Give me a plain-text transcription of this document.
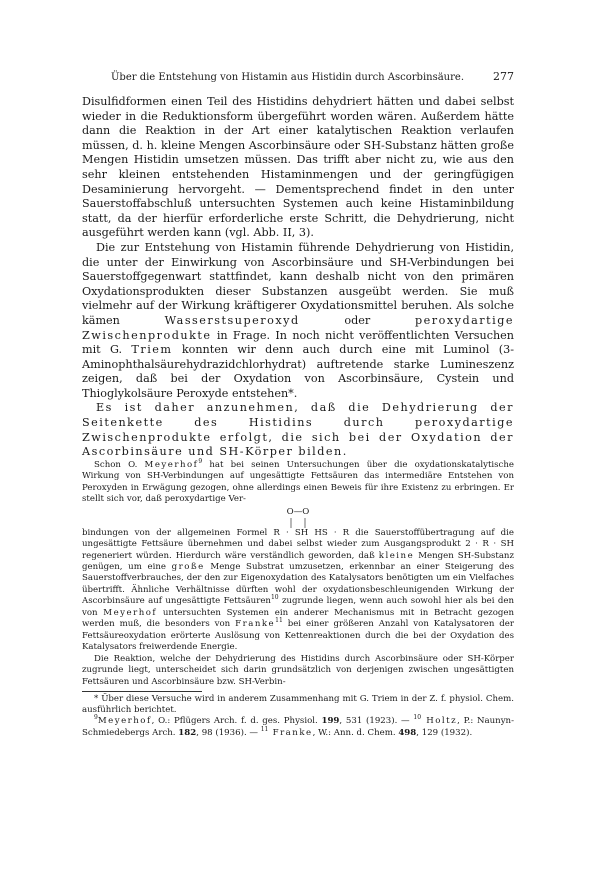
Über die Entstehung von Histamin aus Histidin durch Ascorbinsäure.	277

Disulfidformen einen Teil des Histidins dehydriert hätten und dabei selbst wieder in die Reduktionsform übergeführt worden wären. Außerdem hätte dann die Reaktion in der Art einer katalytischen Reaktion verlaufen müssen, d. h. kleine Mengen Ascorbinsäure oder SH-Substanz hätten große Mengen Histidin umsetzen müssen. Das trifft aber nicht zu, wie aus den sehr kleinen entstehenden Histaminmengen und der geringfügigen Desaminierung hervorgeht. — Dementsprechend findet in den unter Sauerstoffabschluß untersuchten Systemen auch keine Histaminbildung statt, da der hierfür erforderliche erste Schritt, die Dehydrierung, nicht ausgeführt werden kann (vgl. Abb. II, 3).

Die zur Entstehung von Histamin führende Dehydrierung von Histidin, die unter der Einwirkung von Ascorbinsäure und SH-Verbindungen bei Sauerstoffgegenwart stattfindet, kann deshalb nicht von den primären Oxydationsprodukten dieser Substanzen ausgeübt werden. Sie muß vielmehr auf der Wirkung kräftigerer Oxydationsmittel beruhen. Als solche kämen Wasserstsuperoxyd oder peroxydartige Zwischenprodukte in Frage. In noch nicht veröffentlichten Versuchen mit G. Triem konnten wir denn auch durch eine mit Luminol (3-Aminophthalsäurehydrazidchlorhydrat) auftretende starke Lumineszenz zeigen, daß bei der Oxydation von Ascorbinsäure, Cystein und Thioglykolsäure Peroxyde entstehen*.

Es ist daher anzunehmen, daß die Dehydrierung der Seitenkette des Histidins durch peroxydartige Zwischenprodukte erfolgt, die sich bei der Oxydation der Ascorbinsäure und SH-Körper bilden.

Schon O. Meyerhof$^9$ hat bei seinen Untersuchungen über die oxydationskatalytische Wirkung von SH-Verbindungen auf ungesättigte Fettsäuren das intermediäre Entstehen von Peroxyden in Erwägung gezogen, ohne allerdings einen Beweis für ihre Existenz zu erbringen. Er stellt sich vor, daß peroxydartige Ver-

O—O

bindungen von der allgemeinen Formel R · SH HS · R die Sauerstoffübertragung auf die ungesättigte Fettsäure übernehmen und dabei selbst wieder zum Ausgangsprodukt 2 · R · SH regeneriert würden. Hierdurch wäre verständlich geworden, daß kleine Mengen SH-Substanz genügen, um eine große Menge Substrat umzusetzen, erkennbar an einer Steigerung des Sauerstoffverbrauches, der den zur Eigenoxydation des Katalysators benötigten um ein Vielfaches übertrifft. Ähnliche Verhältnisse dürften wohl der oxydationsbeschleunigenden Wirkung der Ascorbinsäure auf ungesättigte Fettsäuren$^{10}$ zugrunde liegen, wenn auch sowohl hier als bei den von Meyerhof untersuchten Systemen ein anderer Mechanismus mit in Betracht gezogen werden muß, die besonders von Franke$^{11}$ bei einer größeren Anzahl von Katalysatoren der Fettsäureoxydation erörterte Auslösung von Kettenreaktionen durch die bei der Oxydation des Katalysators freiwerdende Energie.

Die Reaktion, welche der Dehydrierung des Histidins durch Ascorbinsäure oder SH-Körper zugrunde liegt, unterscheidet sich darin grundsätzlich von derjenigen zwischen ungesättigten Fettsäuren und Ascorbinsäure bzw. SH-Verbin-

* Über diese Versuche wird in anderem Zusammenhang mit G. Triem in der Z. f. physiol. Chem. ausführlich berichtet.

$^9$Meyerhof, O.: Pflügers Arch. f. d. ges. Physiol. 199, 531 (1923). — $^{10}$ Holtz, P.: Naunyn-Schmiedebergs Arch. 182, 98 (1936). — $^{11}$ Franke, W.: Ann. d. Chem. 498, 129 (1932).
